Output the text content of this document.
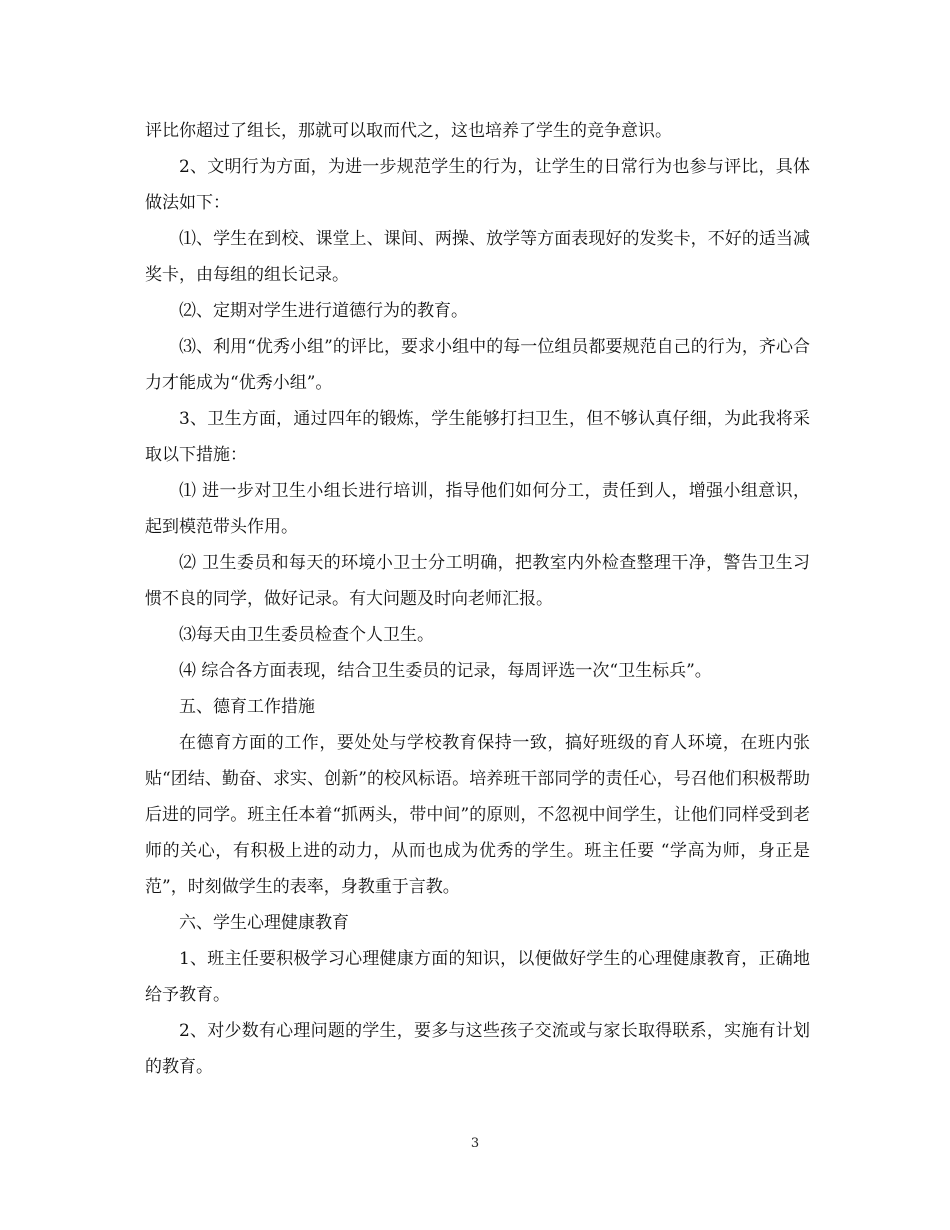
评比你超过了组长，那就可以取而代之，这也培养了学生的竞争意识。

2、文明行为方面，为进一步规范学生的行为，让学生的日常行为也参与评比，具体做法如下：

⑴、学生在到校、课堂上、课间、两操、放学等方面表现好的发奖卡，不好的适当减奖卡，由每组的组长记录。

⑵、定期对学生进行道德行为的教育。

⑶、利用“优秀小组”的评比，要求小组中的每一位组员都要规范自己的行为，齐心合力才能成为“优秀小组”。

3、卫生方面，通过四年的锻炼，学生能够打扫卫生，但不够认真仔细，为此我将采取以下措施：

⑴ 进一步对卫生小组长进行培训，指导他们如何分工，责任到人，增强小组意识，起到模范带头作用。

⑵ 卫生委员和每天的环境小卫士分工明确，把教室内外检查整理干净，警告卫生习惯不良的同学，做好记录。有大问题及时向老师汇报。

⑶每天由卫生委员检查个人卫生。

⑷ 综合各方面表现，结合卫生委员的记录，每周评选一次“卫生标兵”。

五、德育工作措施

在德育方面的工作，要处处与学校教育保持一致，搞好班级的育人环境，在班内张贴“团结、勤奋、求实、创新”的校风标语。培养班干部同学的责任心，号召他们积极帮助后进的同学。班主任本着“抓两头，带中间”的原则，不忽视中间学生，让他们同样受到老师的关心，有积极上进的动力，从而也成为优秀的学生。班主任要 “学高为师，身正是范”，时刻做学生的表率，身教重于言教。

六、学生心理健康教育

1、班主任要积极学习心理健康方面的知识，以便做好学生的心理健康教育，正确地给予教育。

2、对少数有心理问题的学生，要多与这些孩子交流或与家长取得联系，实施有计划的教育。

3
